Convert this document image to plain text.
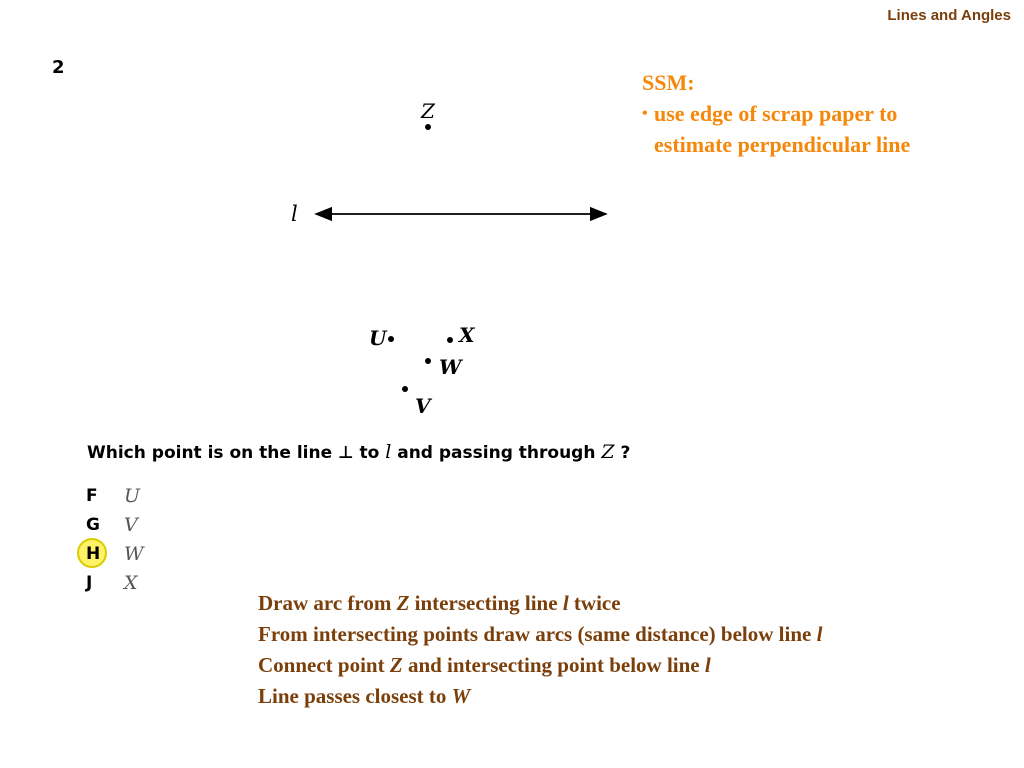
Lines and Angles
2
SSM:
• use edge of scrap paper to
estimate perpendicular line
Z
l
U	X
W
V
Which point is on the line ⊥ to l and passing through Z ?
F	U
G	V
H	W
J	X
Draw arc from Z intersecting line l twice
From intersecting points draw arcs (same distance) below line l
Connect point Z and intersecting point below line l
Line passes closest to W
